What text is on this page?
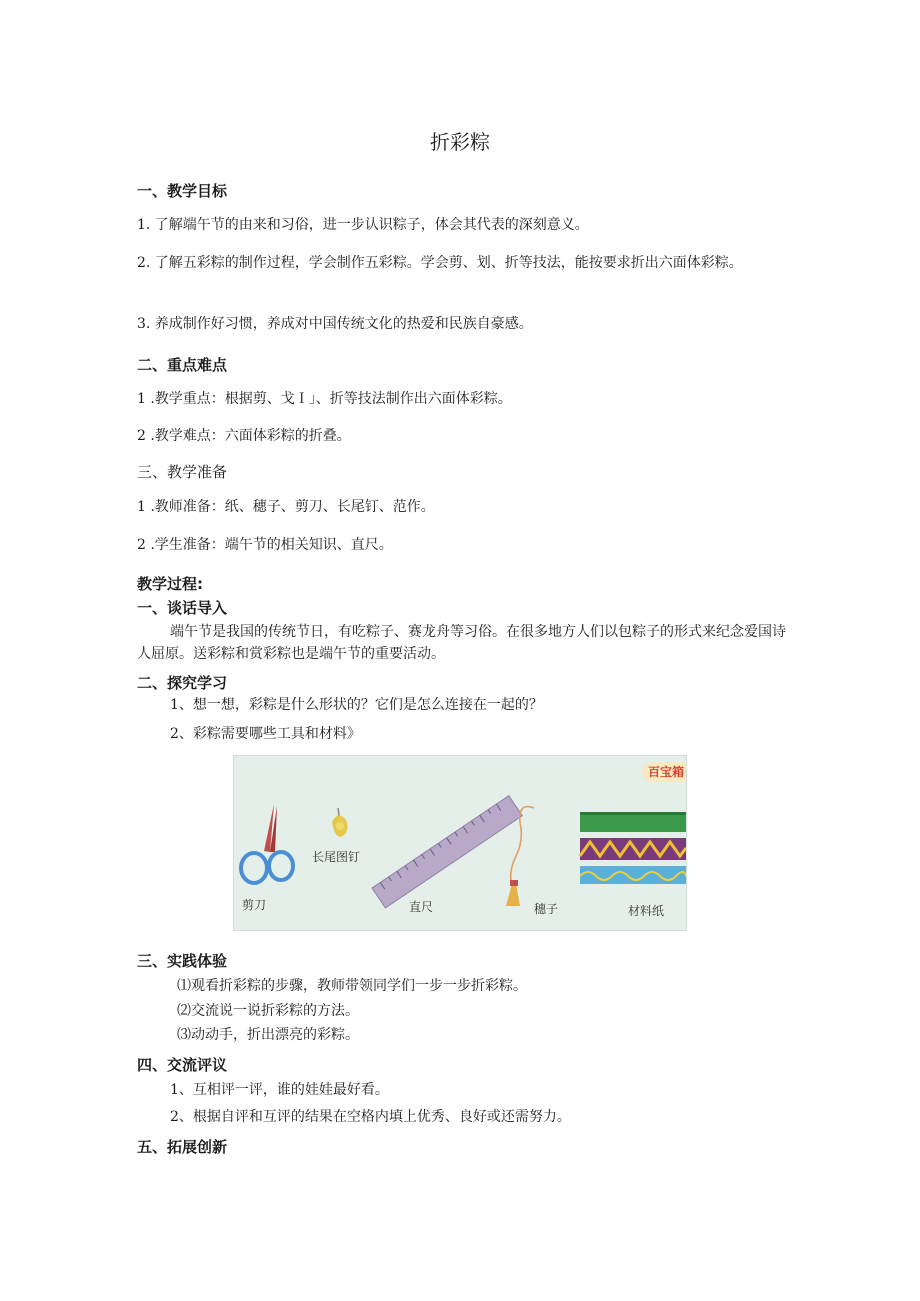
折彩粽
一、教学目标
1. 了解端午节的由来和习俗，进一步认识粽子，体会其代表的深刻意义。
2. 了解五彩粽的制作过程，学会制作五彩粽。学会剪、划、折等技法，能按要求折出六面体彩粽。
3. 养成制作好习惯，养成对中国传统文化的热爱和民族自豪感。
二、重点难点
1 .教学重点：根据剪、戈Ｉ」、折等技法制作出六面体彩粽。
2 .教学难点：六面体彩粽的折叠。
三、教学准备
1 .教师准备：纸、穗子、剪刀、长尾钉、范作。
2 .学生准备：端午节的相关知识、直尺。
教学过程:
一、谈话导入
端午节是我国的传统节日，有吃粽子、赛龙舟等习俗。在很多地方人们以包粽子的形式来纪念爱国诗人屈原。送彩粽和赏彩粽也是端午节的重要活动。
二、探究学习
1、想一想，彩粽是什么形状的？它们是怎么连接在一起的？
2、彩粽需要哪些工具和材料》
百宝箱
剪刀
长尾图钉
直尺	穗子	材料纸
三、实践体验
⑴观看折彩粽的步骤，教师带领同学们一步一步折彩粽。
⑵交流说一说折彩粽的方法。
⑶动动手，折出漂亮的彩粽。
四、交流评议
1、互相评一评，谁的娃娃最好看。
2、根据自评和互评的结果在空格内填上优秀、良好或还需努力。
五、拓展创新
